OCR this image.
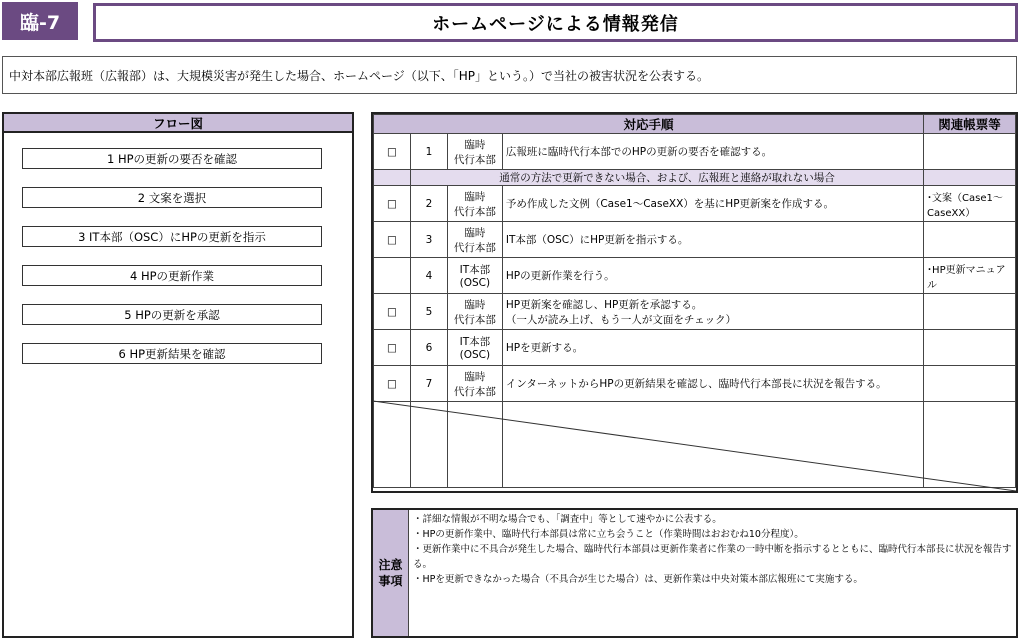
臨-7	ホームページによる情報発信
中対本部広報班（広報部）は、大規模災害が発生した場合、ホームページ（以下、「HP」という。）で当社の被害状況を公表する。
フロー図
1 HPの更新の要否を確認
2 文案を選択
3 IT本部（OSC）にHPの更新を指示
4 HPの更新作業
5 HPの更新を承認
6 HP更新結果を確認
対応手順				関連帳票等
□	1	臨時
代行本部	広報班に臨時代行本部でのHPの更新の要否を確認する。	
	通常の方法で更新できない場合、および、広報班と連絡が取れない場合			
□	2	臨時
代行本部	予め作成した文例（Case1～CaseXX）を基にHP更新案を作成する。	･文案（Case1～
CaseXX）
□	3	臨時
代行本部	IT本部（OSC）にHP更新を指示する。	
	4	IT本部
(OSC)	HPの更新作業を行う。	･HP更新マニュアル
□	5	臨時
代行本部	HP更新案を確認し、HP更新を承認する。
（一人が読み上げ、もう一人が文面をチェック）	
□	6	IT本部
(OSC)	HPを更新する。	
□	7	臨時
代行本部	インターネットからHPの更新結果を確認し、臨時代行本部長に状況を報告する。	

注意
事項
・詳細な情報が不明な場合でも、「調査中」等として速やかに公表する。
・HPの更新作業中、臨時代行本部員は常に立ち会うこと（作業時間はおおむね10分程度）。
・更新作業中に不具合が発生した場合、臨時代行本部員は更新作業者に作業の一時中断を指示するとともに、臨時代行本部長に状況を報告す
る。
・HPを更新できなかった場合（不具合が生じた場合）は、更新作業は中央対策本部広報班にて実施する。
